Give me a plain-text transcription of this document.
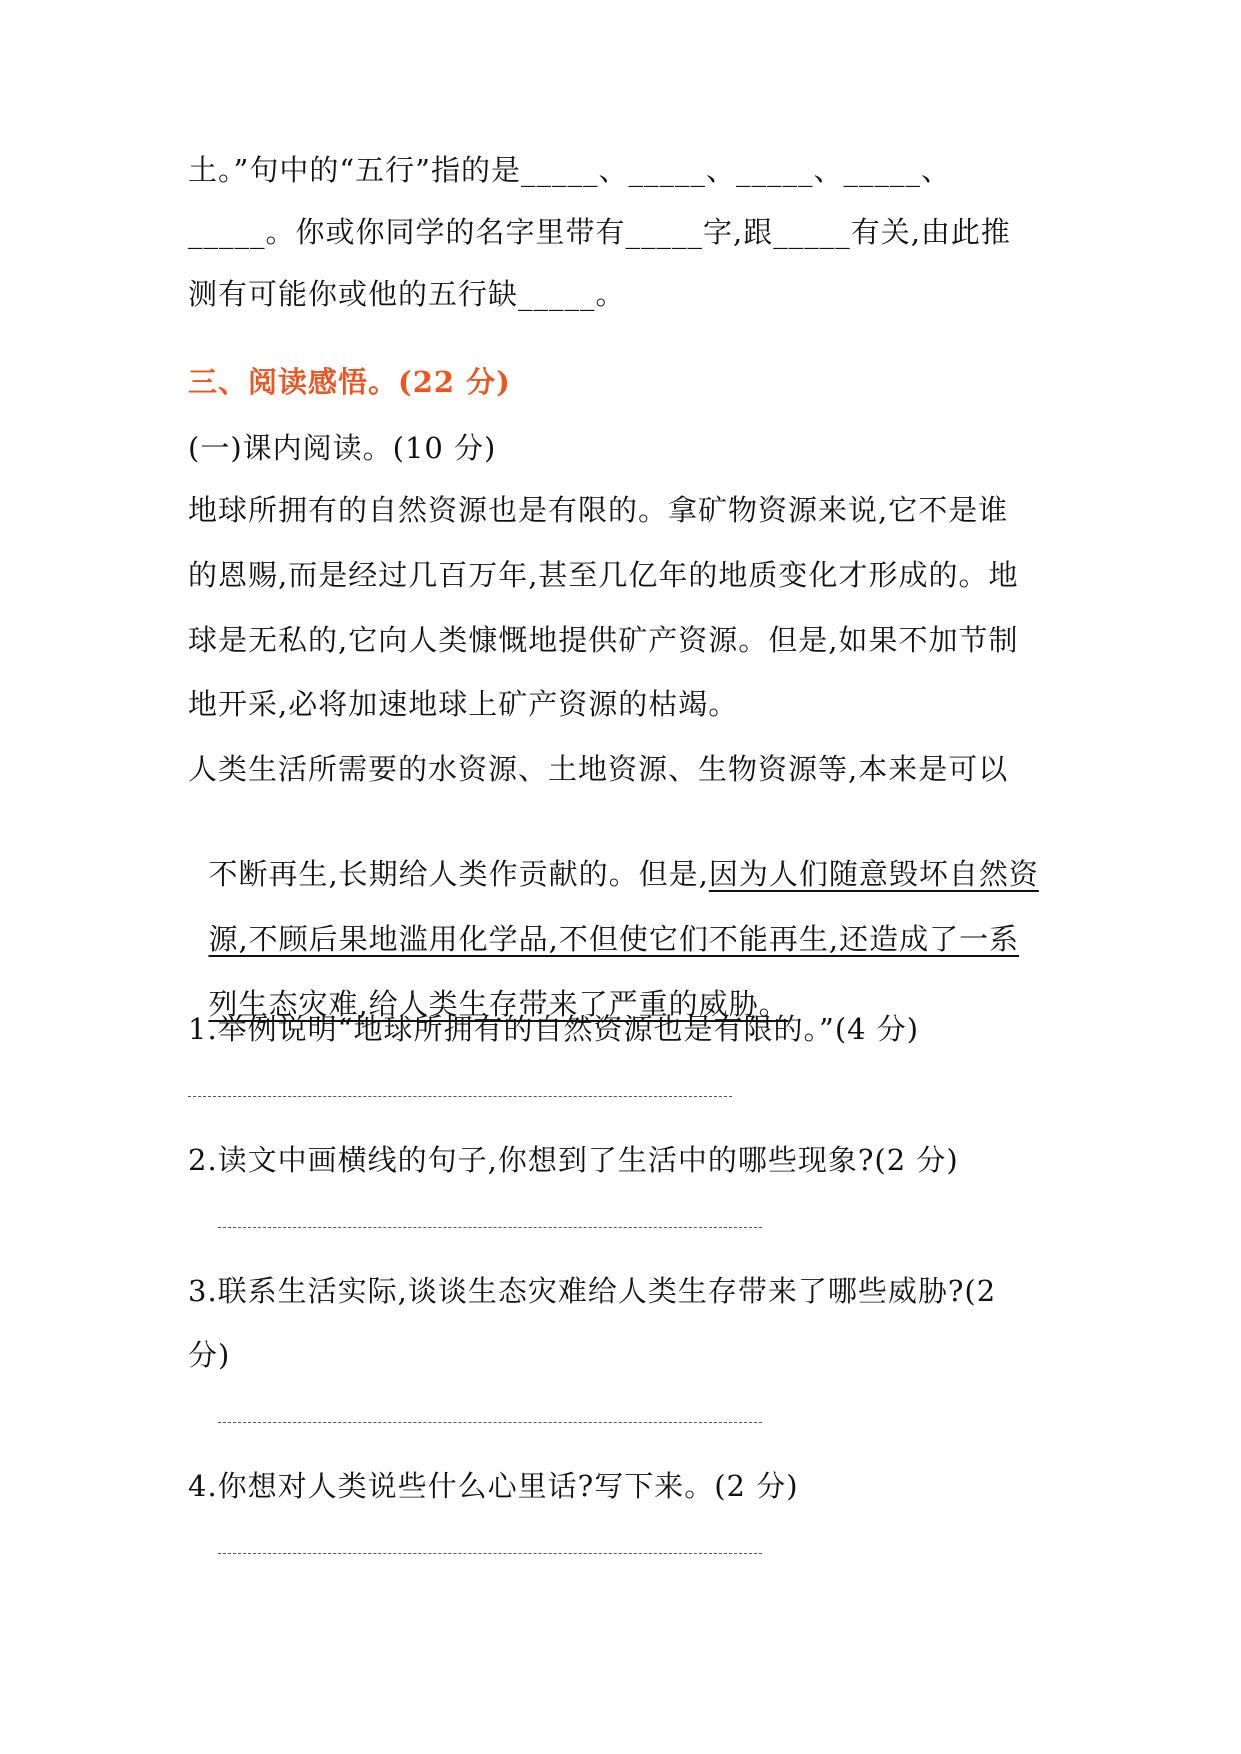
土。”句中的“五行”指的是_____、_____、_____、_____、
_____。你或你同学的名字里带有_____字,跟_____有关,由此推
测有可能你或他的五行缺_____。
三、阅读感悟。(22 分)
(一)课内阅读。(10 分)
地球所拥有的自然资源也是有限的。拿矿物资源来说,它不是谁
的恩赐,而是经过几百万年,甚至几亿年的地质变化才形成的。地
球是无私的,它向人类慷慨地提供矿产资源。但是,如果不加节制
地开采,必将加速地球上矿产资源的枯竭。
人类生活所需要的水资源、土地资源、生物资源等,本来是可以

不断再生,长期给人类作贡献的。但是,因为人们随意毁坏自然资

源,不顾后果地滥用化学品,不但使它们不能再生,还造成了一系

列生态灾难,给人类生存带来了严重的威胁。

1.举例说明“地球所拥有的自然资源也是有限的。”(4 分)
2.读文中画横线的句子,你想到了生活中的哪些现象?(2 分)
3.联系生活实际,谈谈生态灾难给人类生存带来了哪些威胁?(2
分)
4.你想对人类说些什么心里话?写下来。(2 分)
